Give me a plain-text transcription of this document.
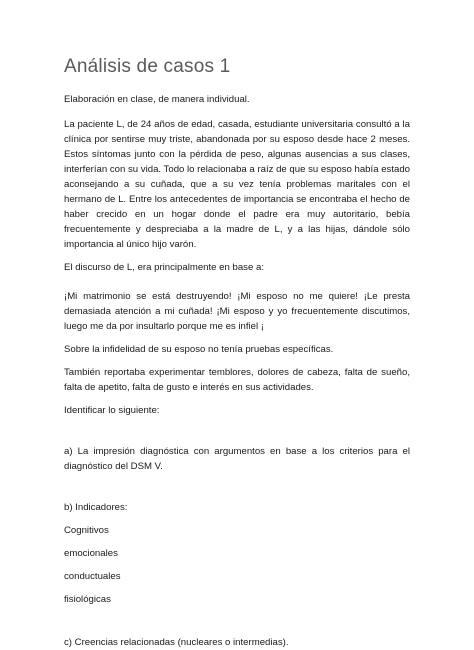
Análisis de casos 1

Elaboración en clase, de manera individual.

La paciente L, de 24 años de edad, casada, estudiante universitaria consultó a la clínica por sentirse muy triste, abandonada por su esposo desde hace 2 meses. Estos síntomas junto con la pérdida de peso, algunas ausencias a sus clases, interferían con su vida. Todo lo relacionaba a raíz de que su esposo había estado aconsejando a su cuñada, que a su vez tenía problemas maritales con el hermano de L. Entre los antecedentes de importancia se encontraba el hecho de haber crecido en un hogar donde el padre era muy autoritario, bebía frecuentemente y despreciaba a la madre de L, y a las hijas, dándole sólo importancia al único hijo varón.

El discurso de L, era principalmente en base a:

¡Mi matrimonio se está destruyendo! ¡Mi esposo no me quiere! ¡Le presta demasiada atención a mi cuñada! ¡Mi esposo y yo frecuentemente discutimos, luego me da por insultarlo porque me es infiel ¡

Sobre la infidelidad de su esposo no tenía pruebas específicas.

También reportaba experimentar temblores, dolores de cabeza, falta de sueño, falta de apetito, falta de gusto e interés en sus actividades.

Identificar lo siguiente:

a) La impresión diagnóstica con argumentos en base a los criterios para el diagnóstico del DSM V.

b) Indicadores:

Cognitivos

emocionales

conductuales

fisiológicas

c) Creencias relacionadas (nucleares o intermedias).
